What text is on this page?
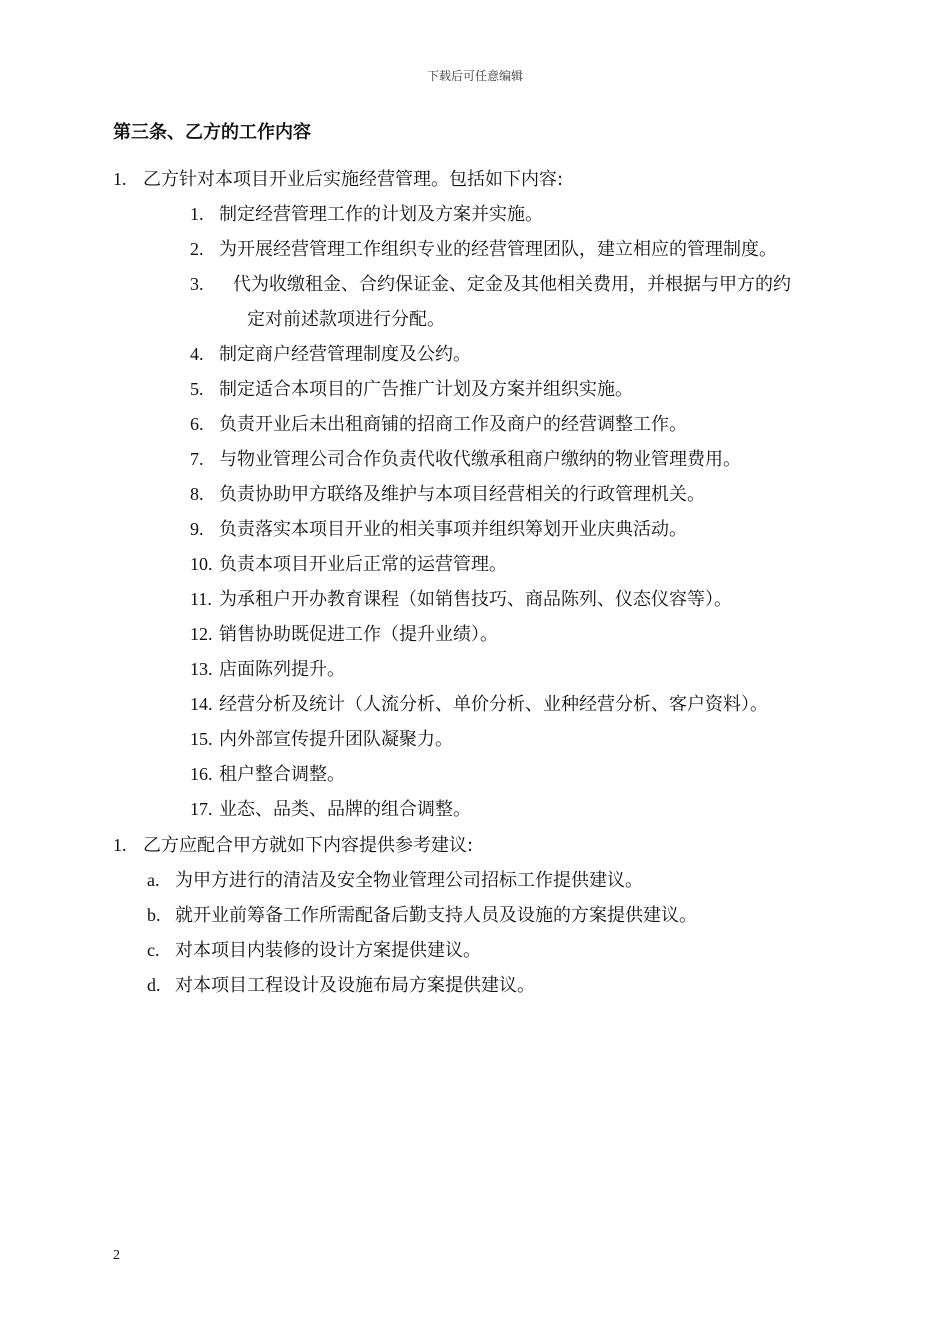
下载后可任意编辑
第三条、乙方的工作内容
1. 乙方针对本项目开业后实施经营管理。包括如下内容:
1. 制定经营管理工作的计划及方案并实施。
2. 为开展经营管理工作组织专业的经营管理团队，建立相应的管理制度。
3. 代为收缴租金、合约保证金、定金及其他相关费用，并根据与甲方的约
定对前述款项进行分配。
4. 制定商户经营管理制度及公约。
5. 制定适合本项目的广告推广计划及方案并组织实施。
6. 负责开业后未出租商铺的招商工作及商户的经营调整工作。
7. 与物业管理公司合作负责代收代缴承租商户缴纳的物业管理费用。
8. 负责协助甲方联络及维护与本项目经营相关的行政管理机关。
9. 负责落实本项目开业的相关事项并组织筹划开业庆典活动。
10. 负责本项目开业后正常的运营管理。
11. 为承租户开办教育课程（如销售技巧、商品陈列、仪态仪容等）。
12. 销售协助既促进工作（提升业绩）。
13. 店面陈列提升。
14. 经营分析及统计（人流分析、单价分析、业种经营分析、客户资料）。
15. 内外部宣传提升团队凝聚力。
16. 租户整合调整。
17. 业态、品类、品牌的组合调整。
1. 乙方应配合甲方就如下内容提供参考建议:
a. 为甲方进行的清洁及安全物业管理公司招标工作提供建议。
b. 就开业前筹备工作所需配备后勤支持人员及设施的方案提供建议。
c. 对本项目内装修的设计方案提供建议。
d. 对本项目工程设计及设施布局方案提供建议。
2
